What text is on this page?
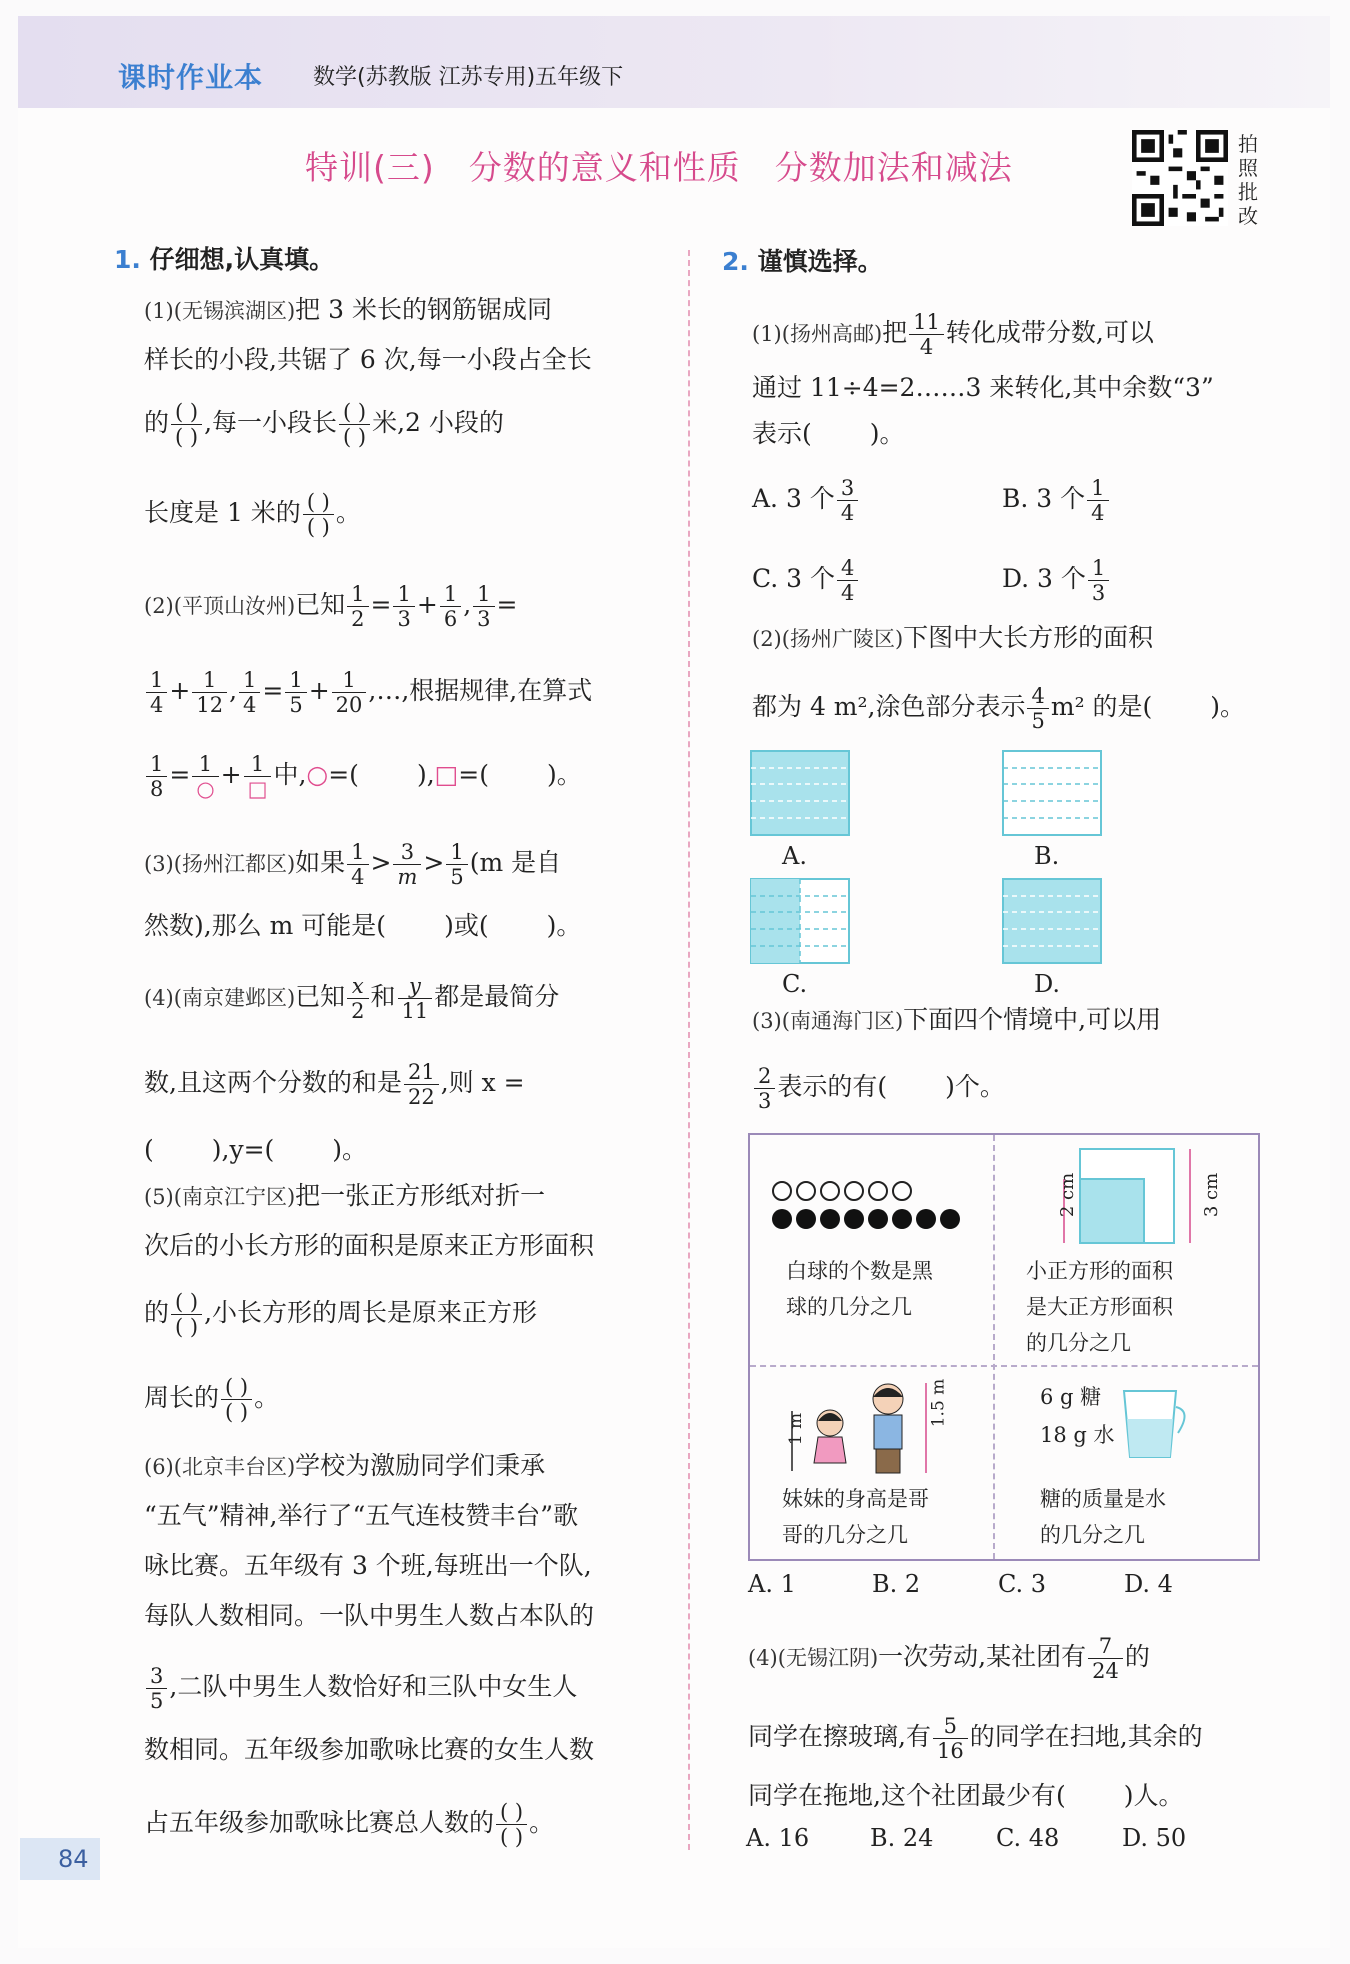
课时作业本 数学(苏教版 江苏专用)五年级下
特训(三) 分数的意义和性质 分数加法和减法
拍照批改
1. 仔细想,认真填。
(1)(无锡滨湖区)把 3 米长的钢筋锯成同
样长的小段,共锯了 6 次,每一小段占全长
的 $\frac{( )}{( )}$ ,每一小段长 $\frac{( )}{( )}$ 米,2 小段的
长度是 1 米的 $\frac{( )}{( )}$ 。
(2)(平顶山汝州)已知 $\frac{1}{2} = \frac{1}{3} + \frac{1}{6}$ , $\frac{1}{3}$ =
$\frac{1}{4} + \frac{1}{12}$ , $\frac{1}{4} = \frac{1}{5} + \frac{1}{20}$ ,…,根据规律,在算式
$\frac{1}{8} = \frac{1}{○} + \frac{1}{□}$ 中,○=( ),□=( )。
(3)(扬州江都区)如果 $\frac{1}{4} > \frac{3}{m} > \frac{1}{5} (m$ 是自
然数),那么 m 可能是( )或( )。
(4)(南京建邺区)已知 $\frac{x}{2}$ 和 $\frac{y}{11}$ 都是最简分
数,且这两个分数的和是 $\frac{21}{22}$ ,则 x =
( ),y=( )。
(5)(南京江宁区)把一张正方形纸对折一
次后的小长方形的面积是原来正方形面积
的 $\frac{( )}{( )}$ ,小长方形的周长是原来正方形
周长的 $\frac{( )}{( )}$ 。
(6)(北京丰台区)学校为激励同学们秉承
“五气”精神,举行了“五气连枝赞丰台”歌
咏比赛。五年级有 3 个班,每班出一个队,
每队人数相同。一队中男生人数占本队的
$\frac{3}{5}$ ,二队中男生人数恰好和三队中女生人
数相同。五年级参加歌咏比赛的女生人数
占五年级参加歌咏比赛总人数的 $\frac{( )}{( )}$ 。
2. 谨慎选择。
(1)(扬州高邮)把 $\frac{11}{4}$ 转化成带分数,可以
通过 11÷4=2……3 来转化,其中余数“3”
表示( )。
A. 3 个 $\frac{3}{4}$	B. 3 个 $\frac{1}{4}$
C. 3 个 $\frac{4}{4}$	D. 3 个 $\frac{1}{3}$
(2)(扬州广陵区)下图中大长方形的面积
都为 4 m²,涂色部分表示 $\frac{4}{5} m^2$ 的是( )。
A.	B.
C.	D.
(3)(南通海门区)下面四个情境中,可以用
$\frac{2}{3}$ 表示的有( )个。
白球的个数是黑
球的几分之几
2 cm	3 cm
小正方形的面积
是大正方形面积
的几分之几
1 m
1.5 m
妹妹的身高是哥
哥的几分之几
6 g 糖
18 g 水
糖的质量是水
的几分之几
A. 1	B. 2	C. 3	D. 4
(4)(无锡江阴)一次劳动,某社团有 $\frac{7}{24}$ 的
同学在擦玻璃,有 $\frac{5}{16}$ 的同学在扫地,其余的
同学在拖地,这个社团最少有( )人。
A. 16	B. 24	C. 48	D. 50
84
